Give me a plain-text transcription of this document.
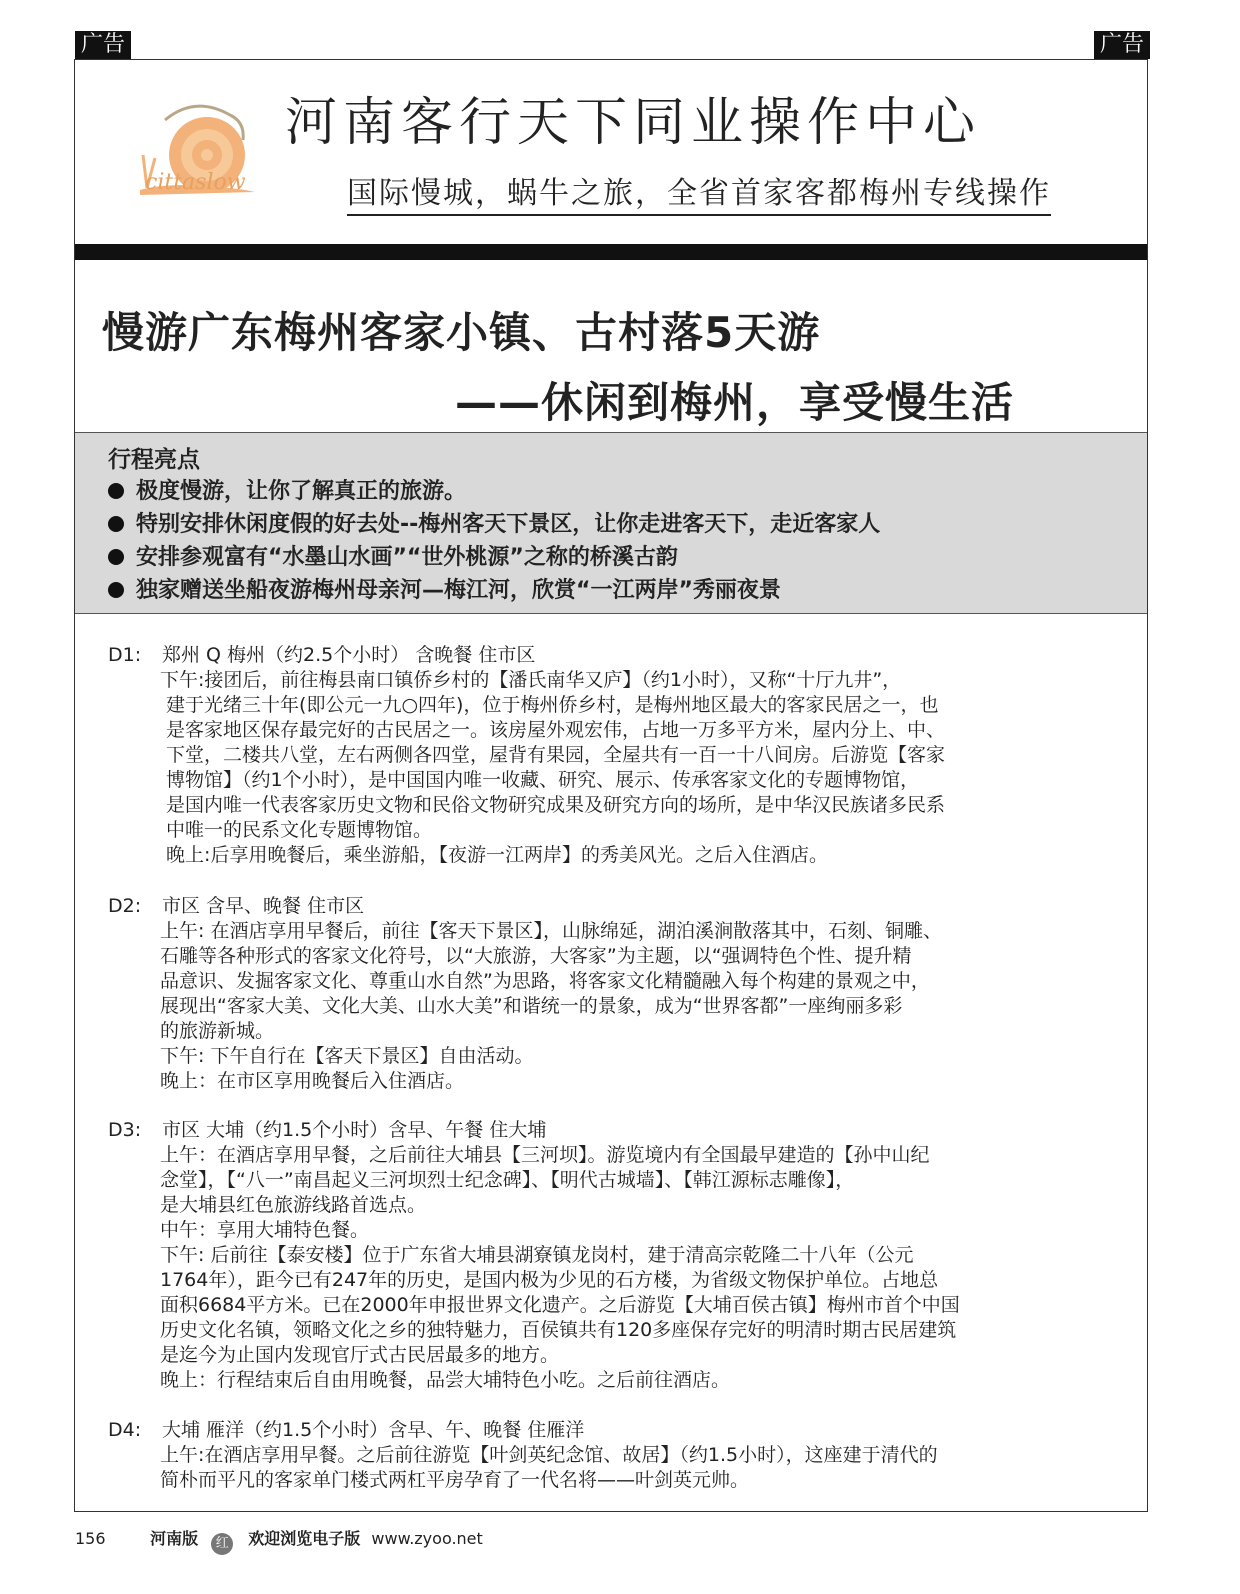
广告	广告
cittaslow
河南客行天下同业操作中心
国际慢城，蜗牛之旅，全省首家客都梅州专线操作
慢游广东梅州客家小镇、古村落5天游
——休闲到梅州，享受慢生活
行程亮点
极度慢游，让你了解真正的旅游。
特别安排休闲度假的好去处--梅州客天下景区，让你走进客天下，走近客家人
安排参观富有“水墨山水画”“世外桃源”之称的桥溪古韵
独家赠送坐船夜游梅州母亲河—梅江河，欣赏“一江两岸”秀丽夜景
D1: 郑州 Q 梅州（约2.5个小时） 含晚餐 住市区

下午:接团后，前往梅县南口镇侨乡村的【潘氏南华又庐】（约1小时），又称“十厅九井”，

建于光绪三十年(即公元一九○四年)，位于梅州侨乡村，是梅州地区最大的客家民居之一，也

是客家地区保存最完好的古民居之一。该房屋外观宏伟，占地一万多平方米，屋内分上、中、

下堂，二楼共八堂，左右两侧各四堂，屋背有果园，全屋共有一百一十八间房。后游览【客家

博物馆】（约1个小时），是中国国内唯一收藏、研究、展示、传承客家文化的专题博物馆，

是国内唯一代表客家历史文物和民俗文物研究成果及研究方向的场所，是中华汉民族诸多民系

中唯一的民系文化专题博物馆。

晚上:后享用晚餐后，乘坐游船，【夜游一江两岸】的秀美风光。之后入住酒店。

D2: 市区 含早、晚餐 住市区

上午: 在酒店享用早餐后，前往【客天下景区】，山脉绵延，湖泊溪涧散落其中，石刻、铜雕、

石雕等各种形式的客家文化符号，以“大旅游，大客家”为主题，以“强调特色个性、提升精

品意识、发掘客家文化、尊重山水自然”为思路，将客家文化精髓融入每个构建的景观之中，

展现出“客家大美、文化大美、山水大美”和谐统一的景象，成为“世界客都”一座绚丽多彩

的旅游新城。

下午: 下午自行在【客天下景区】自由活动。

晚上：在市区享用晚餐后入住酒店。

D3: 市区 大埔（约1.5个小时）含早、午餐 住大埔

上午：在酒店享用早餐，之后前往大埔县【三河坝】。游览境内有全国最早建造的【孙中山纪

念堂】，【“八一”南昌起义三河坝烈士纪念碑】、【明代古城墙】、【韩江源标志雕像】，

是大埔县红色旅游线路首选点。

中午：享用大埔特色餐。

下午: 后前往【泰安楼】位于广东省大埔县湖寮镇龙岗村，建于清高宗乾隆二十八年（公元

1764年），距今已有247年的历史，是国内极为少见的石方楼，为省级文物保护单位。占地总

面积6684平方米。已在2000年申报世界文化遗产。之后游览【大埔百侯古镇】梅州市首个中国

历史文化名镇，领略文化之乡的独特魅力，百侯镇共有120多座保存完好的明清时期古民居建筑

是迄今为止国内发现官厅式古民居最多的地方。

晚上：行程结束后自由用晚餐，品尝大埔特色小吃。之后前往酒店。

D4: 大埔 雁洋（约1.5个小时）含早、午、晚餐 住雁洋

上午:在酒店享用早餐。之后前往游览【叶剑英纪念馆、故居】（约1.5小时），这座建于清代的

简朴而平凡的客家单门楼式两杠平房孕育了一代名将——叶剑英元帅。

156	河南版 红 欢迎浏览电子版 www.zyoo.net
